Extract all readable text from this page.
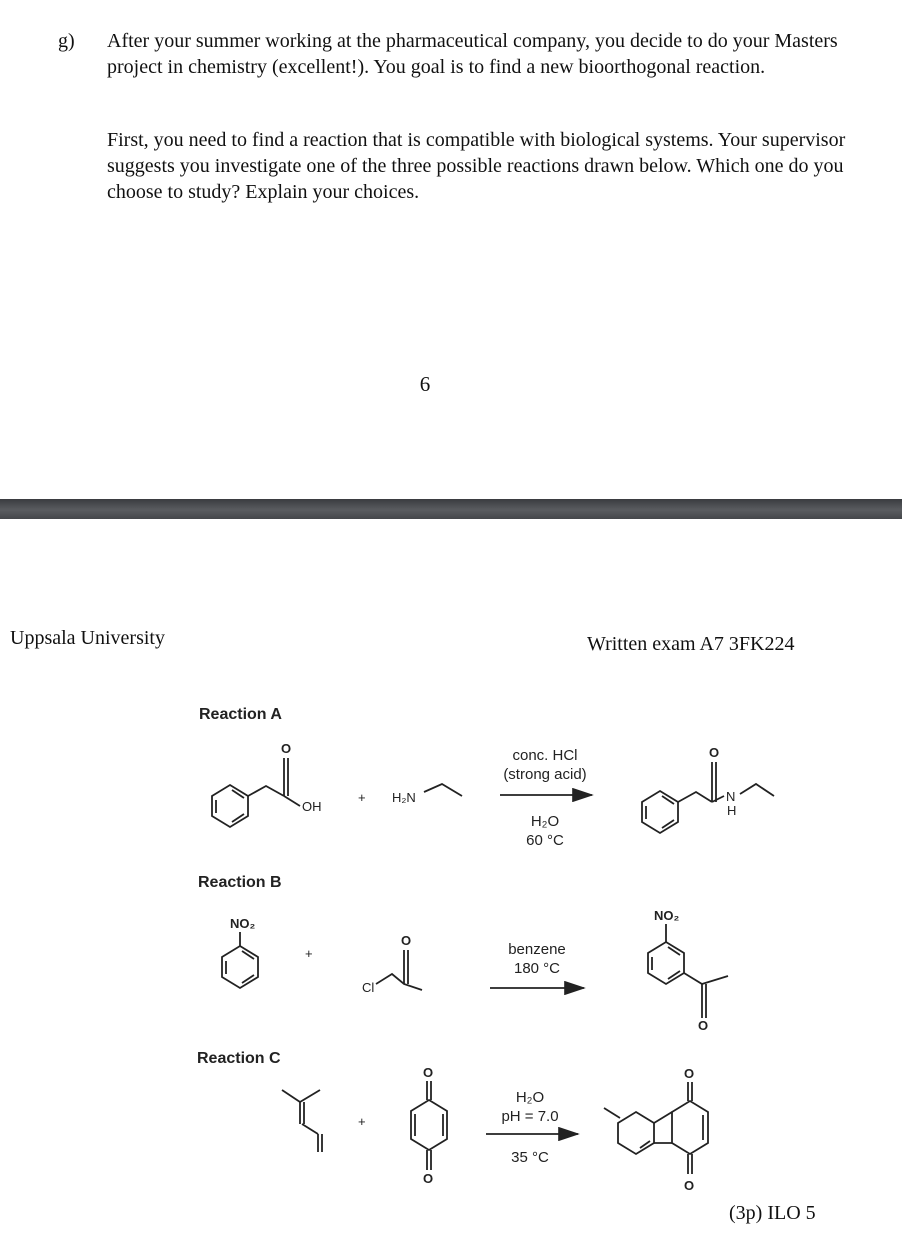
g) After your summer working at the pharmaceutical company, you decide to do your Masters project in chemistry (excellent!). You goal is to find a new bioorthogonal reaction.
First, you need to find a reaction that is compatible with biological systems. Your supervisor suggests you investigate one of the three possible reactions drawn below. Which one do you choose to study? Explain your choices.
6
Uppsala University	Written exam A7 3FK224
Reaction A
Reaction B
Reaction C
conc. HCl
(strong acid)
H₂O
60 °C
benzene
180 °C
H₂O
pH = 7.0
35 °C
O
OH
+ H₂N
O
N
H
NO₂
+
Cl
O
NO₂
O
+
O
O
O
O
(3p) ILO 5
